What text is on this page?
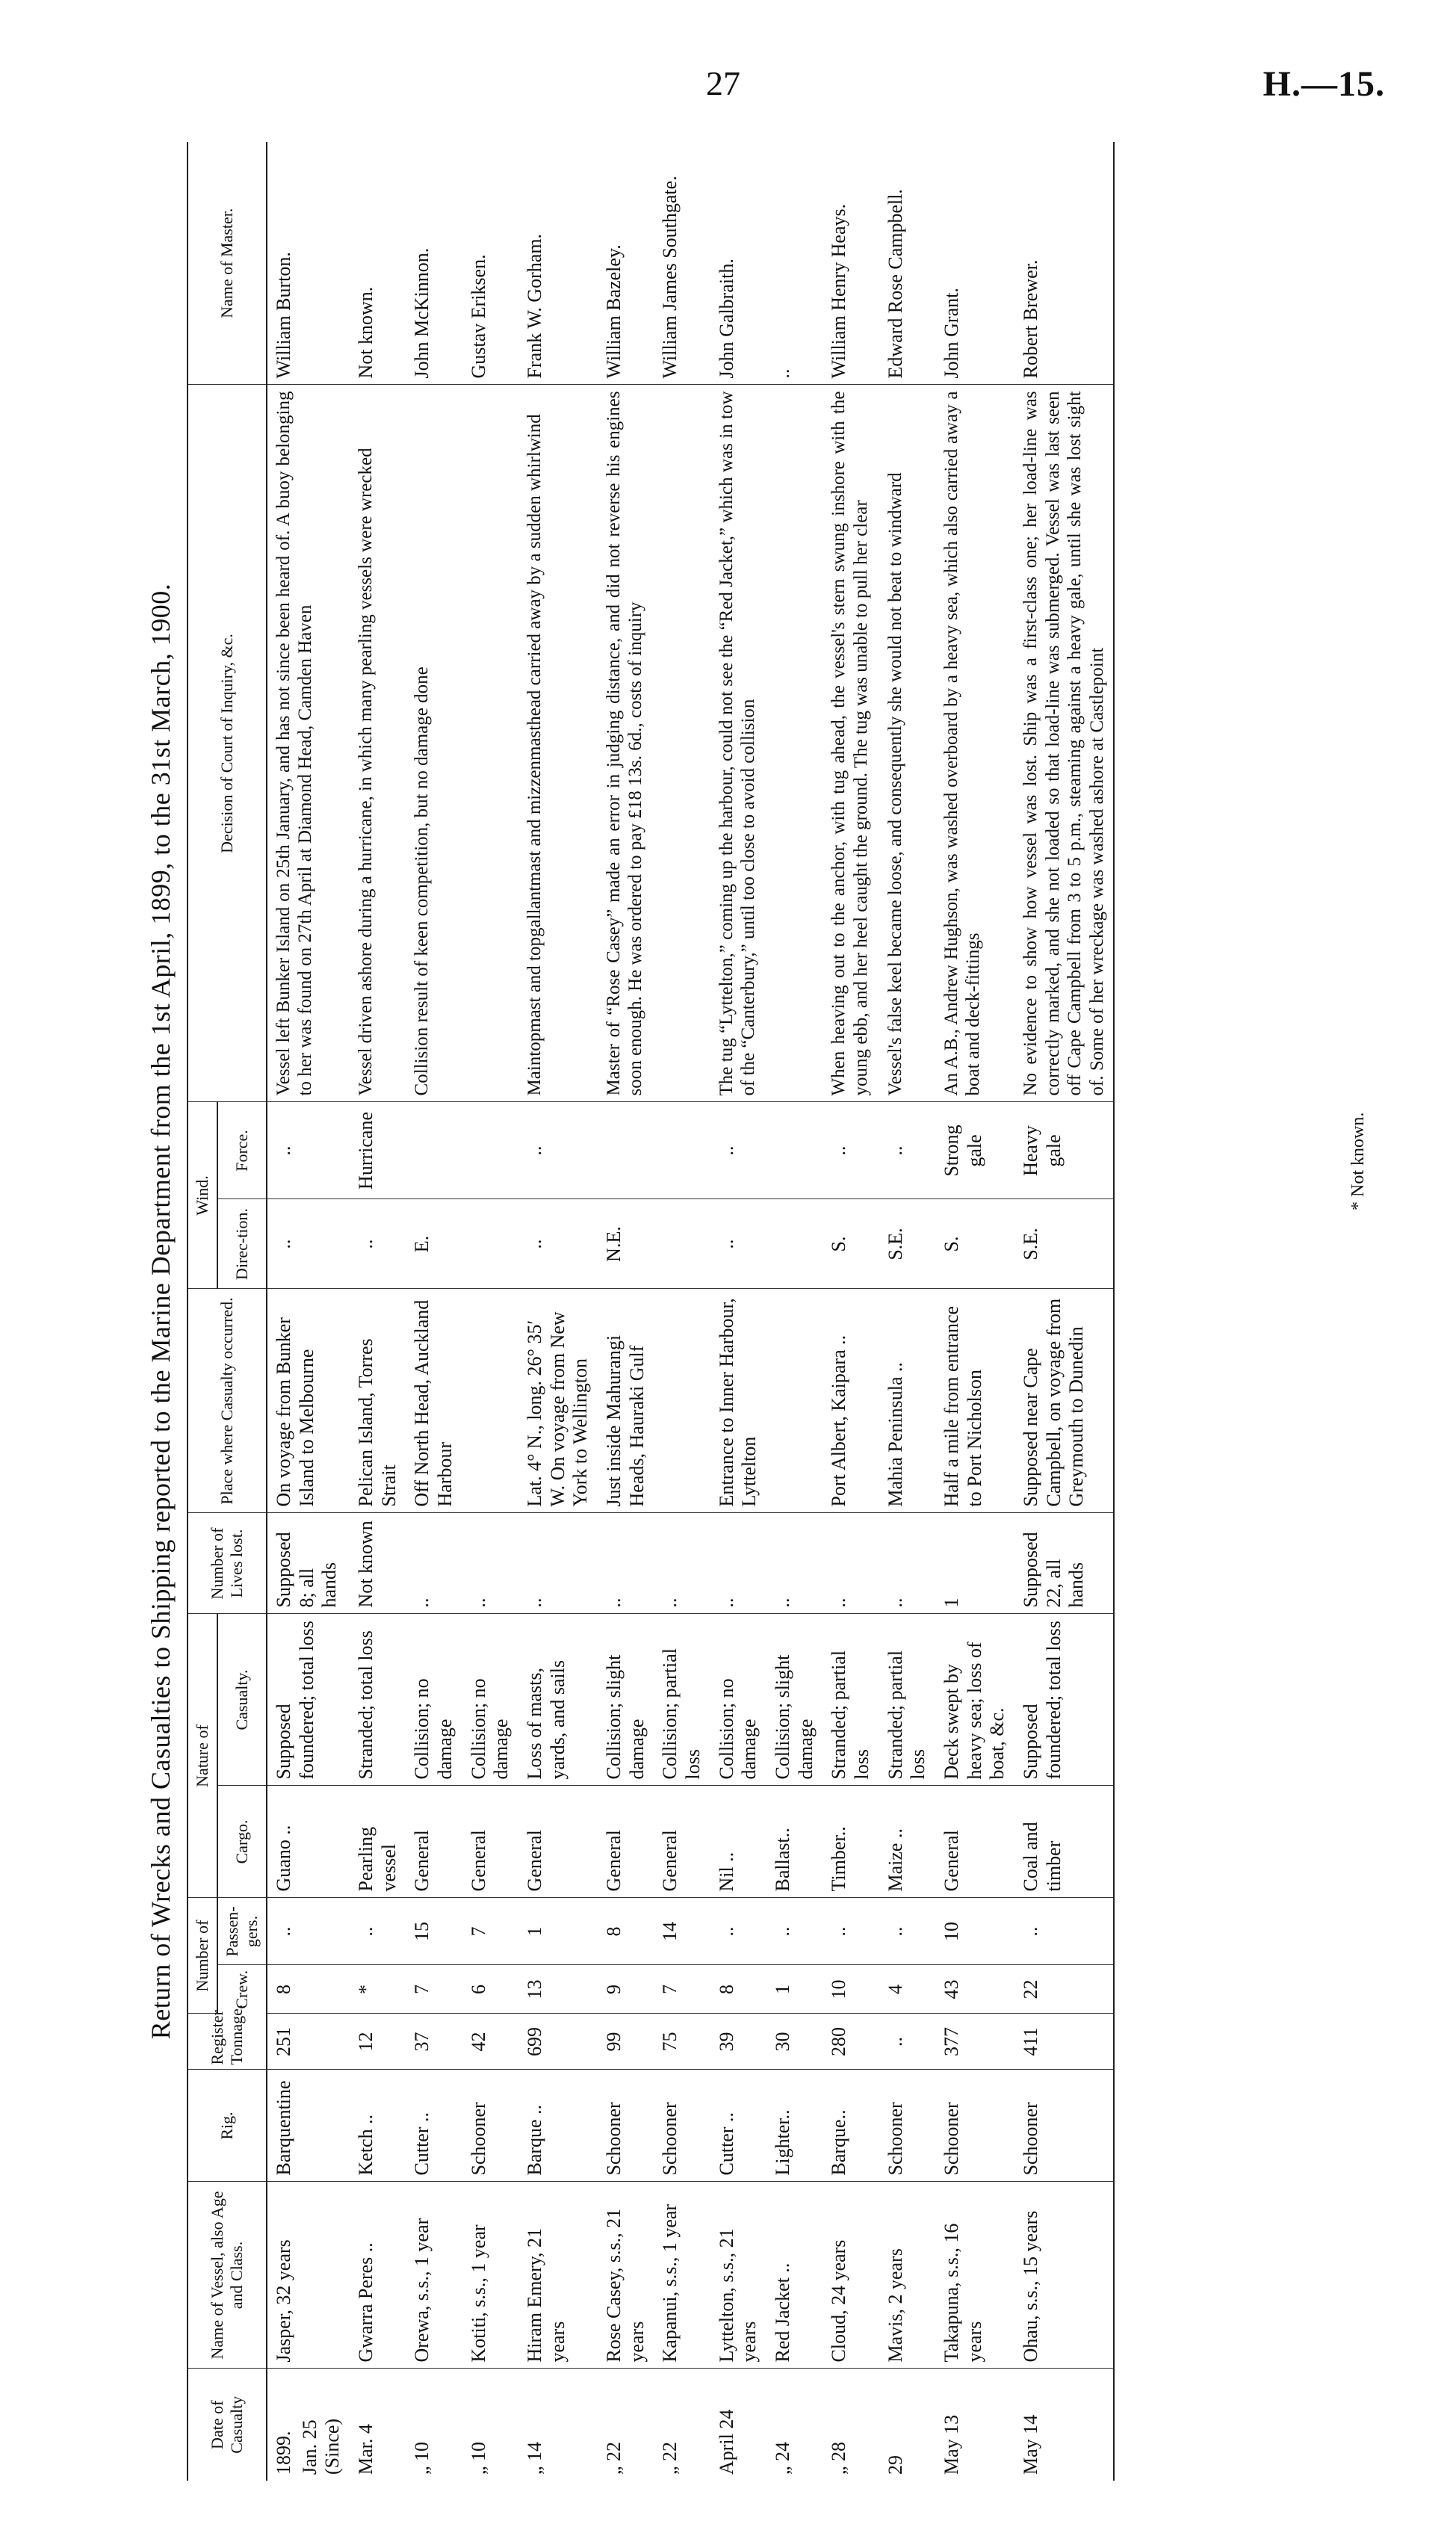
27	H.—15.
* Not known.
Return of Wrecks and Casualties to Shipping reported to the Marine Department from the 1st April, 1899, to the 31st March, 1900.
Date of Casualty	Name of Vessel, also Age and Class.	Rig.	Register Tonnage.	Number of		Nature of		Number of Lives lost.	Place where Casualty occurred.	Wind.		Decision of Court of Inquiry, &c.	Name of Master.
				Crew.	Passen-gers.	Cargo.	Casualty.			Direc-tion.	Force.		

1899. Jan. 25 (Since)	Jasper, 32 years	Barquentine	251	8	..	Guano ..	Supposed foundered; total loss	Supposed 8; all hands	On voyage from Bunker Island to Melbourne	..	..	Vessel left Bunker Island on 25th January, and has not since been heard of. A buoy belonging to her was found on 27th April at Diamond Head, Camden Haven	William Burton.
Mar. 4	Gwarra Peres ..	Ketch ..	12	*	..	Pearling vessel	Stranded; total loss	Not known	Pelican Island, Torres Strait	..	Hurricane	Vessel driven ashore during a hurricane, in which many pearling vessels were wrecked	Not known.
„ 10	Orewa, s.s., 1 year	Cutter ..	37	7	15	General	Collision; no damage	..	Off North Head, Auckland Harbour	E.		Collision result of keen competition, but no damage done	John McKinnon.
„ 10	Kotiti, s.s., 1 year	Schooner	42	6	7	General	Collision; no damage	..					Gustav Eriksen.
„ 14	Hiram Emery, 21 years	Barque ..	699	13	1	General	Loss of masts, yards, and sails	..	Lat. 4° N., long. 26° 35′ W. On voyage from New York to Wellington	..	..	Maintopmast and topgallantmast and mizzenmasthead carried away by a sudden whirlwind	Frank W. Gorham.
„ 22	Rose Casey, s.s., 21 years	Schooner	99	9	8	General	Collision; slight damage	..	Just inside Mahurangi Heads, Hauraki Gulf	N.E.		Master of “Rose Casey” made an error in judging distance, and did not reverse his engines soon enough. He was ordered to pay £18 13s. 6d., costs of inquiry	William Bazeley.
„ 22	Kapanui, s.s., 1 year	Schooner	75	7	14	General	Collision; partial loss	..					William James Southgate.
April 24	Lyttelton, s.s., 21 years	Cutter ..	39	8	..	Nil ..	Collision; no damage	..	Entrance to Inner Harbour, Lyttelton	..	..	The tug “Lyttelton,” coming up the harbour, could not see the “Red Jacket,” which was in tow of the “Canterbury,” until too close to avoid collision	John Galbraith.
„ 24	Red Jacket ..	Lighter..	30	1	..	Ballast..	Collision; slight damage	..					..
„ 28	Cloud, 24 years	Barque..	280	10	..	Timber..	Stranded; partial loss	..	Port Albert, Kaipara ..	S.	..	When heaving out to the anchor, with tug ahead, the vessel's stern swung inshore with the young ebb, and her heel caught the ground. The tug was unable to pull her clear	William Henry Heays.
29	Mavis, 2 years	Schooner	..	4	..	Maize ..	Stranded; partial loss	..	Mahia Peninsula ..	S.E.	..	Vessel's false keel became loose, and consequently she would not beat to windward	Edward Rose Campbell.
May 13	Takapuna, s.s., 16 years	Schooner	377	43	10	General	Deck swept by heavy sea; loss of boat, &c.	1	Half a mile from entrance to Port Nicholson	S.	Strong gale	An A.B., Andrew Hughson, was washed overboard by a heavy sea, which also carried away a boat and deck-fittings	John Grant.
May 14	Ohau, s.s., 15 years	Schooner	411	22	..	Coal and timber	Supposed foundered; total loss	Supposed 22, all hands	Supposed near Cape Campbell, on voyage from Greymouth to Dunedin	S.E.	Heavy gale	No evidence to show how vessel was lost. Ship was a first-class one; her load-line was correctly marked, and she not loaded so that load-line was submerged. Vessel was last seen off Cape Campbell from 3 to 5 p.m., steaming against a heavy gale, until she was lost sight of. Some of her wreckage was washed ashore at Castlepoint	Robert Brewer.
